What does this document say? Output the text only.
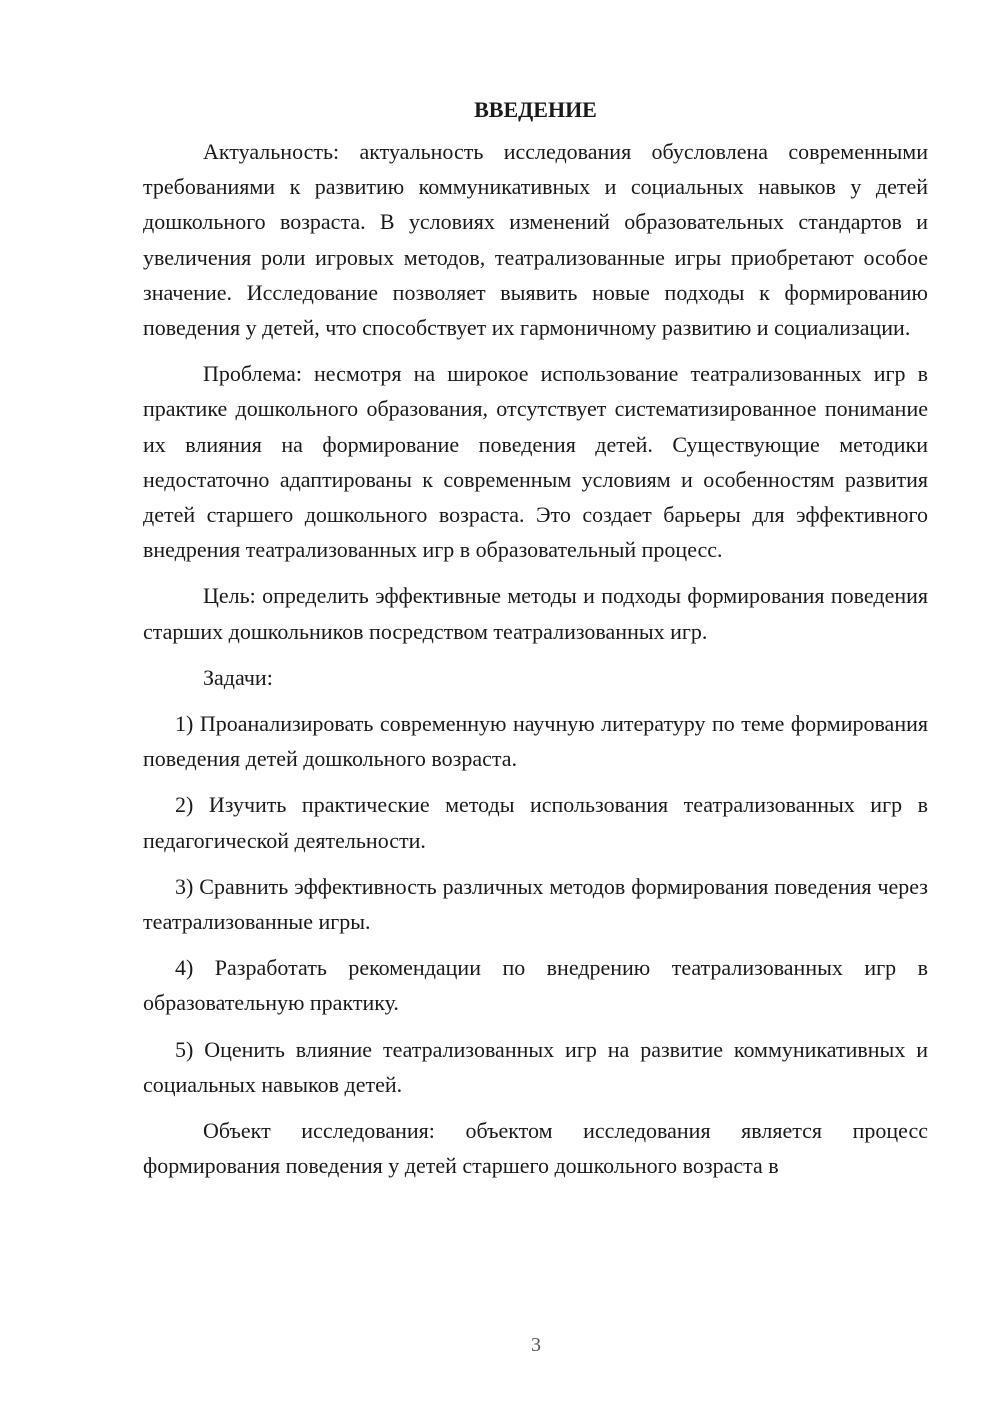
ВВЕДЕНИЕ

Актуальность: актуальность исследования обусловлена современными требованиями к развитию коммуникативных и социальных навыков у детей дошкольного возраста. В условиях изменений образовательных стандартов и увеличения роли игровых методов, театрализованные игры приобретают особое значение. Исследование позволяет выявить новые подходы к формированию поведения у детей, что способствует их гармоничному развитию и социализации.

Проблема: несмотря на широкое использование театрализованных игр в практике дошкольного образования, отсутствует систематизированное понимание их влияния на формирование поведения детей. Существующие методики недостаточно адаптированы к современным условиям и особенностям развития детей старшего дошкольного возраста. Это создает барьеры для эффективного внедрения театрализованных игр в образовательный процесс.

Цель: определить эффективные методы и подходы формирования поведения старших дошкольников посредством театрализованных игр.

Задачи:

1) Проанализировать современную научную литературу по теме формирования поведения детей дошкольного возраста.

2) Изучить практические методы использования театрализованных игр в педагогической деятельности.

3) Сравнить эффективность различных методов формирования поведения через театрализованные игры.

4) Разработать рекомендации по внедрению театрализованных игр в образовательную практику.

5) Оценить влияние театрализованных игр на развитие коммуникативных и социальных навыков детей.

Объект исследования: объектом исследования является процесс формирования поведения у детей старшего дошкольного возраста в

3
